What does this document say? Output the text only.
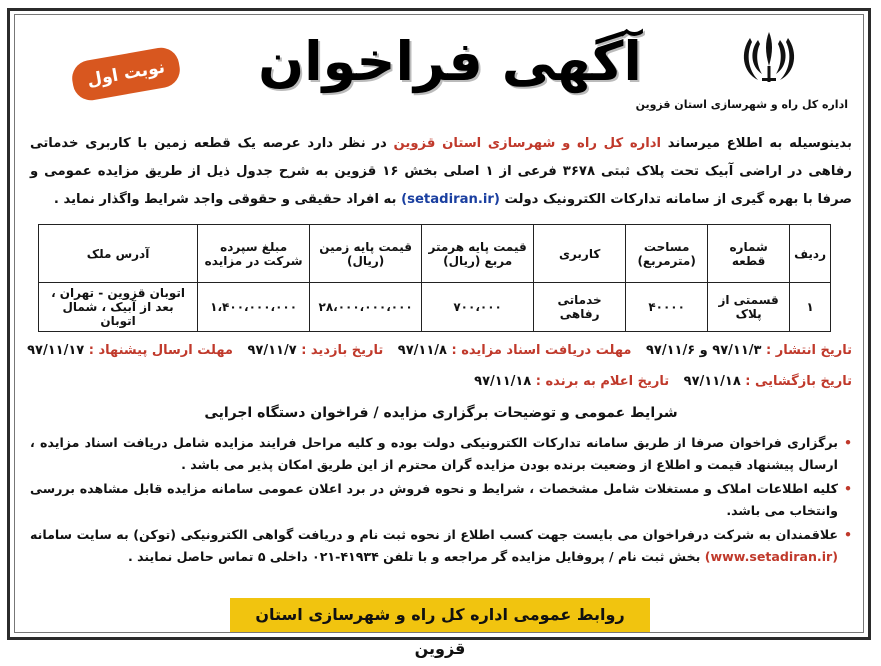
اداره کل راه و شهرسازی استان قزوین
آگهی فراخوان
نوبت اول
بدینوسیله به اطلاع میرساند اداره کل راه و شهرسازی استان قزوین در نظر دارد عرصه یک قطعه زمین با کاربری خدماتی رفاهی در اراضی آبیک تحت پلاک ثبتی ۳۶۷۸ فرعی از ۱ اصلی بخش ۱۶ قزوین به شرح جدول ذیل از طریق مزایده عمومی و صرفا با بهره گیری از سامانه تدارکات الکترونیک دولت (setadiran.ir) به افراد حقیقی و حقوقی واجد شرایط واگذار نماید .
ردیف	شماره قطعه	مساحت (مترمربع)	کاربری	قیمت پایه هرمتر مربع (ریال)	قیمت پایه زمین (ریال)	مبلغ سپرده شرکت در مزایده	آدرس ملک
۱	قسمتی از پلاک	۴۰۰۰۰	خدماتی رفاهی	۷۰۰،۰۰۰	۲۸،۰۰۰،۰۰۰،۰۰۰	۱،۴۰۰،۰۰۰،۰۰۰	اتوبان قزوین - تهران ، بعد از آبیک ، شمال اتوبان
تاریخ انتشار : ۹۷/۱۱/۳ و ۹۷/۱۱/۶ مهلت دریافت اسناد مزایده : ۹۷/۱۱/۸ تاریخ بازدید : ۹۷/۱۱/۷ مهلت ارسال پیشنهاد : ۹۷/۱۱/۱۷
تاریخ بازگشایی : ۹۷/۱۱/۱۸ تاریخ اعلام به برنده : ۹۷/۱۱/۱۸
شرایط عمومی و توضیحات برگزاری مزایده / فراخوان دستگاه اجرایی
• برگزاری فراخوان صرفا از طریق سامانه تدارکات الکترونیکی دولت بوده و کلیه مراحل فرایند مزایده شامل دریافت اسناد مزایده ، ارسال پیشنهاد قیمت و اطلاع از وضعیت برنده بودن مزایده گران محترم از این طریق امکان پذیر می باشد .
• کلیه اطلاعات املاک و مستغلات شامل مشخصات ، شرایط و نحوه فروش در برد اعلان عمومی سامانه مزایده قابل مشاهده بررسی وانتخاب می باشد.
• علاقمندان به شرکت درفراخوان می بایست جهت کسب اطلاع از نحوه ثبت نام و دریافت گواهی الکترونیکی (توکن) به سایت سامانه (www.setadiran.ir) بخش ثبت نام / پروفایل مزایده گر مراجعه و با تلفن ۴۱۹۳۴-۰۲۱ داخلی ۵ تماس حاصل نمایند .
روابط عمومی اداره کل راه و شهرسازی استان قزوین
